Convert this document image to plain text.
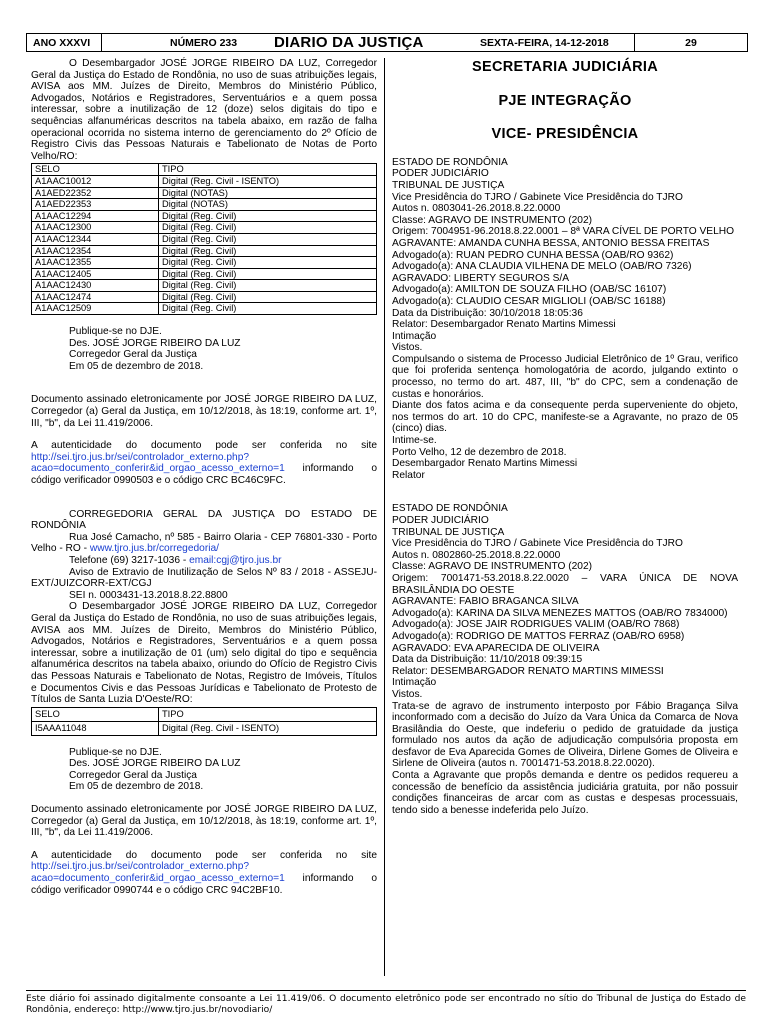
ANO XXXVI	NÚMERO 233	DIARIO DA JUSTIÇA	SEXTA-FEIRA, 14-12-2018	29

O Desembargador JOSÉ JORGE RIBEIRO DA LUZ, Corregedor Geral da Justiça do Estado de Rondônia, no uso de suas atribuições legais, AVISA aos MM. Juízes de Direito, Membros do Ministério Público, Advogados, Notários e Registradores, Serventuários e a quem possa interessar, sobre a inutilização de 12 (doze) selos digitais do tipo e sequências alfanuméricas descritos na tabela abaixo, em razão de falha operacional ocorrida no sistema interno de gerenciamento do 2º Ofício de Registro Civis das Pessoas Naturais e Tabelionato de Notas de Porto Velho/RO:

SELO	TIPO
A1AAC10012	Digital (Reg. Civil - ISENTO)
A1AED22352	Digital (NOTAS)
A1AED22353	Digital (NOTAS)
A1AAC12294	Digital (Reg. Civil)
A1AAC12300	Digital (Reg. Civil)
A1AAC12344	Digital (Reg. Civil)
A1AAC12354	Digital (Reg. Civil)
A1AAC12355	Digital (Reg. Civil)
A1AAC12405	Digital (Reg. Civil)
A1AAC12430	Digital (Reg. Civil)
A1AAC12474	Digital (Reg. Civil)
A1AAC12509	Digital (Reg. Civil)

Publique-se no DJE.

Des. JOSÉ JORGE RIBEIRO DA LUZ

Corregedor Geral da Justiça

Em 05 de dezembro de 2018.

Documento assinado eletronicamente por JOSÉ JORGE RIBEIRO DA LUZ, Corregedor (a) Geral da Justiça, em 10/12/2018, às 18:19, conforme art. 1º, III, "b", da Lei 11.419/2006.

A autenticidade do documento pode ser conferida no site http://sei.tjro.jus.br/sei/controlador_externo.php?acao=documento_conferir&id_orgao_acesso_externo=1 informando o código verificador 0990503 e o código CRC BC46C9FC.

CORREGEDORIA GERAL DA JUSTIÇA DO ESTADO DE RONDÔNIA

Rua José Camacho, nº 585 - Bairro Olaria - CEP 76801-330 - Porto Velho - RO - www.tjro.jus.br/corregedoria/

Telefone (69) 3217-1036 - email:cgj@tjro.jus.br

Aviso de Extravio de Inutilização de Selos Nº 83 / 2018 - ASSEJU-EXT/JUIZCORR-EXT/CGJ

SEI n. 0003431-13.2018.8.22.8800

O Desembargador JOSÉ JORGE RIBEIRO DA LUZ, Corregedor Geral da Justiça do Estado de Rondônia, no uso de suas atribuições legais, AVISA aos MM. Juízes de Direito, Membros do Ministério Público, Advogados, Notários e Registradores, Serventuários e a quem possa interessar, sobre a inutilização de 01 (um) selo digital do tipo e sequência alfanumérica descritos na tabela abaixo, oriundo do Ofício de Registro Civis das Pessoas Naturais e Tabelionato de Notas, Registro de Imóveis, Títulos e Documentos Civis e das Pessoas Jurídicas e Tabelionato de Protesto de Títulos de Santa Luzia D'Oeste/RO:

SELO	TIPO
I5AAA11048	Digital (Reg. Civil - ISENTO)

Publique-se no DJE.

Des. JOSÉ JORGE RIBEIRO DA LUZ

Corregedor Geral da Justiça

Em 05 de dezembro de 2018.

Documento assinado eletronicamente por JOSÉ JORGE RIBEIRO DA LUZ, Corregedor (a) Geral da Justiça, em 10/12/2018, às 18:19, conforme art. 1º, III, "b", da Lei 11.419/2006.

A autenticidade do documento pode ser conferida no site http://sei.tjro.jus.br/sei/controlador_externo.php?acao=documento_conferir&id_orgao_acesso_externo=1 informando o código verificador 0990744 e o código CRC 94C2BF10.

SECRETARIA JUDICIÁRIA

PJE INTEGRAÇÃO

VICE- PRESIDÊNCIA

ESTADO DE RONDÔNIA

PODER JUDICIÁRIO

TRIBUNAL DE JUSTIÇA

Vice Presidência do TJRO / Gabinete Vice Presidência do TJRO

Autos n. 0803041-26.2018.8.22.0000

Classe: AGRAVO DE INSTRUMENTO (202)

Origem: 7004951-96.2018.8.22.0001 – 8ª VARA CÍVEL DE PORTO VELHO

AGRAVANTE: AMANDA CUNHA BESSA, ANTONIO BESSA FREITAS

Advogado(a): RUAN PEDRO CUNHA BESSA (OAB/RO 9362)

Advogado(a): ANA CLAUDIA VILHENA DE MELO (OAB/RO 7326)

AGRAVADO: LIBERTY SEGUROS S/A

Advogado(a): AMILTON DE SOUZA FILHO (OAB/SC 16107)

Advogado(a): CLAUDIO CESAR MIGLIOLI (OAB/SC 16188)

Data da Distribuição: 30/10/2018 18:05:36

Relator: Desembargador Renato Martins Mimessi

Intimação

Vistos.

Compulsando o sistema de Processo Judicial Eletrônico de 1º Grau, verifico que foi proferida sentença homologatória de acordo, julgando extinto o processo, no termo do art. 487, III, "b" do CPC, sem a condenação de custas e honorários.

Diante dos fatos acima e da consequente perda superveniente do objeto, nos termos do art. 10 do CPC, manifeste-se a Agravante, no prazo de 05 (cinco) dias.

Intime-se.

Porto Velho, 12 de dezembro de 2018.

Desembargador Renato Martins Mimessi

Relator

ESTADO DE RONDÔNIA

PODER JUDICIÁRIO

TRIBUNAL DE JUSTIÇA

Vice Presidência do TJRO / Gabinete Vice Presidência do TJRO

Autos n. 0802860-25.2018.8.22.0000

Classe: AGRAVO DE INSTRUMENTO (202)

Origem: 7001471-53.2018.8.22.0020 – VARA ÚNICA DE NOVA BRASILÂNDIA DO OESTE

AGRAVANTE: FABIO BRAGANCA SILVA

Advogado(a): KARINA DA SILVA MENEZES MATTOS (OAB/RO 7834000)

Advogado(a): JOSE JAIR RODRIGUES VALIM (OAB/RO 7868)

Advogado(a): RODRIGO DE MATTOS FERRAZ (OAB/RO 6958)

AGRAVADO: EVA APARECIDA DE OLIVEIRA

Data da Distribuição: 11/10/2018 09:39:15

Relator: DESEMBARGADOR RENATO MARTINS MIMESSI

Intimação

Vistos.

Trata-se de agravo de instrumento interposto por Fábio Bragança Silva inconformado com a decisão do Juízo da Vara Única da Comarca de Nova Brasilândia do Oeste, que indeferiu o pedido de gratuidade da justiça formulado nos autos da ação de adjudicação compulsória proposta em desfavor de Eva Aparecida Gomes de Oliveira, Dirlene Gomes de Oliveira e Sirlene de Oliveira (autos n. 7001471-53.2018.8.22.0020).

Conta a Agravante que propôs demanda e dentre os pedidos requereu a concessão de benefício da assistência judiciária gratuita, por não possuir condições financeiras de arcar com as custas e despesas processuais, tendo sido a benesse indeferida pelo Juízo.

Este diário foi assinado digitalmente consoante a Lei 11.419/06. O documento eletrônico pode ser encontrado no sítio do Tribunal de Justiça do Estado de Rondônia, endereço: http://www.tjro.jus.br/novodiario/
